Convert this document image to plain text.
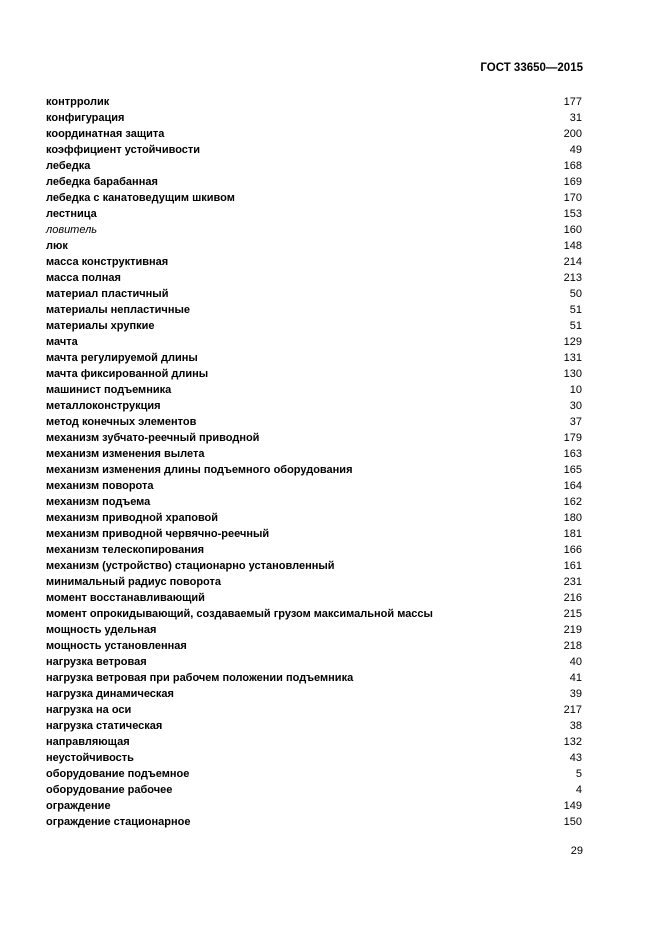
ГОСТ 33650—2015
контрролик	177
конфигурация	31
координатная защита	200
коэффициент устойчивости	49
лебедка	168
лебедка барабанная	169
лебедка с канатоведущим шкивом	170
лестница	153
ловитель	160
люк	148
масса конструктивная	214
масса полная	213
материал пластичный	50
материалы непластичные	51
материалы хрупкие	51
мачта	129
мачта регулируемой длины	131
мачта фиксированной длины	130
машинист подъемника	10
металлоконструкция	30
метод конечных элементов	37
механизм зубчато-реечный приводной	179
механизм изменения вылета	163
механизм изменения длины подъемного оборудования	165
механизм поворота	164
механизм подъема	162
механизм приводной храповой	180
механизм приводной червячно-реечный	181
механизм телескопирования	166
механизм (устройство) стационарно установленный	161
минимальный радиус поворота	231
момент восстанавливающий	216
момент опрокидывающий, создаваемый грузом максимальной массы	215
мощность удельная	219
мощность установленная	218
нагрузка ветровая	40
нагрузка ветровая при рабочем положении подъемника	41
нагрузка динамическая	39
нагрузка на оси	217
нагрузка статическая	38
направляющая	132
неустойчивость	43
оборудование подъемное	5
оборудование рабочее	4
ограждение	149
ограждение стационарное	150
29
